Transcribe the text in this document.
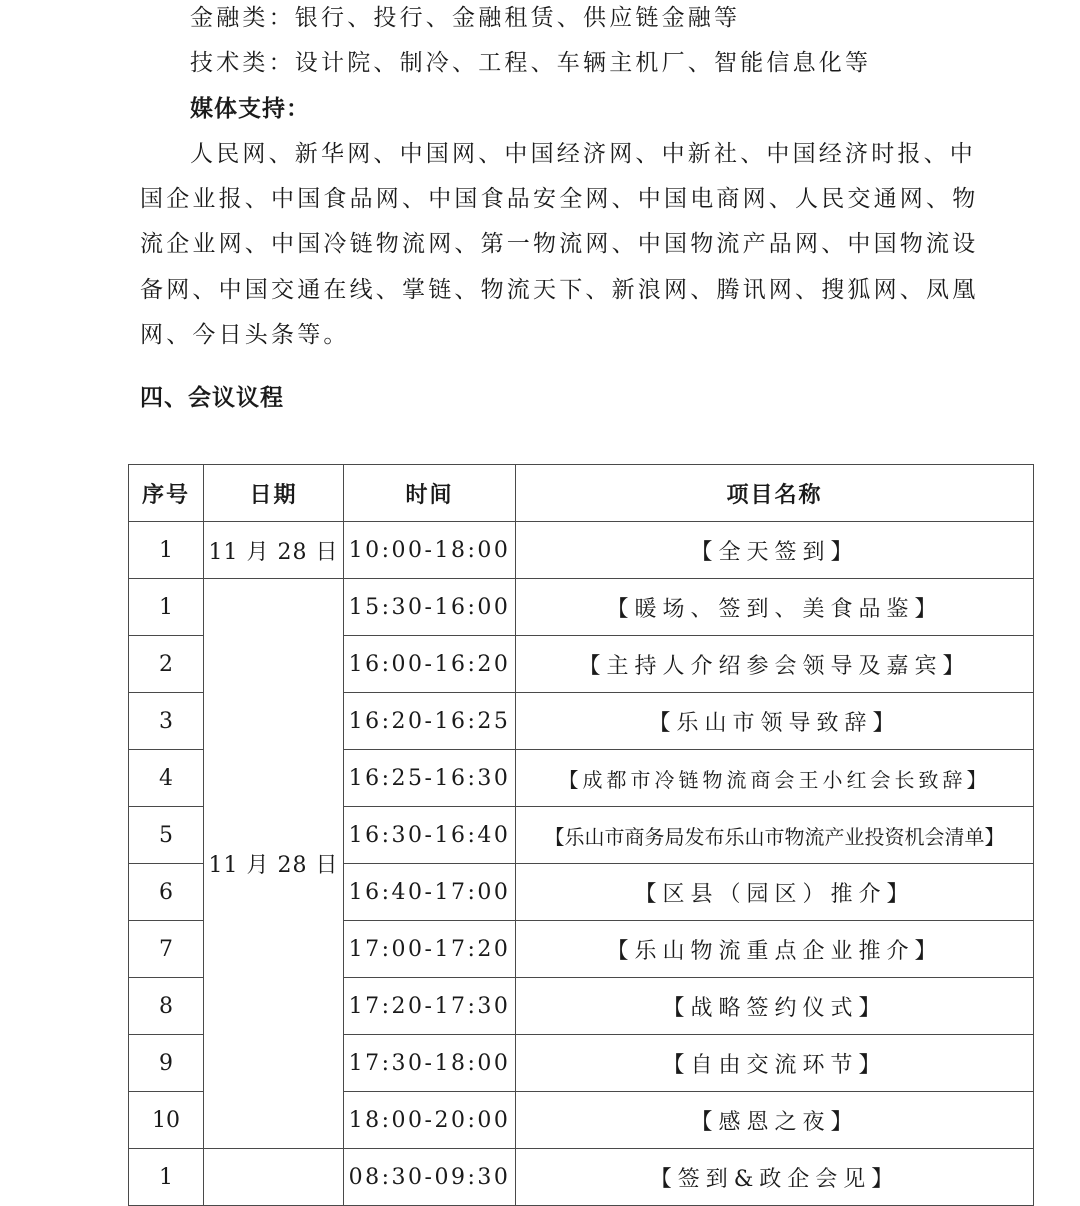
金融类：银行、投行、金融租赁、供应链金融等
技术类：设计院、制冷、工程、车辆主机厂、智能信息化等
媒体支持：
人民网、新华网、中国网、中国经济网、中新社、中国经济时报、中
国企业报、中国食品网、中国食品安全网、中国电商网、人民交通网、物
流企业网、中国冷链物流网、第一物流网、中国物流产品网、中国物流设
备网、中国交通在线、掌链、物流天下、新浪网、腾讯网、搜狐网、凤凰
网、今日头条等。
四、会议议程
序号	日期	时间	项目名称
1	11 月 28 日	10:00-18:00	【全天签到】
1	11 月 28 日	15:30-16:00	【暖场、签到、美食品鉴】
2		16:00-16:20	【主持人介绍参会领导及嘉宾】
3		16:20-16:25	【乐山市领导致辞】
4		16:25-16:30	【成都市冷链物流商会王小红会长致辞】
5		16:30-16:40	【乐山市商务局发布乐山市物流产业投资机会清单】
6		16:40-17:00	【区县（园区）推介】
7		17:00-17:20	【乐山物流重点企业推介】
8		17:20-17:30	【战略签约仪式】
9		17:30-18:00	【自由交流环节】
10		18:00-20:00	【感恩之夜】
1		08:30-09:30	【签到&政企会见】
